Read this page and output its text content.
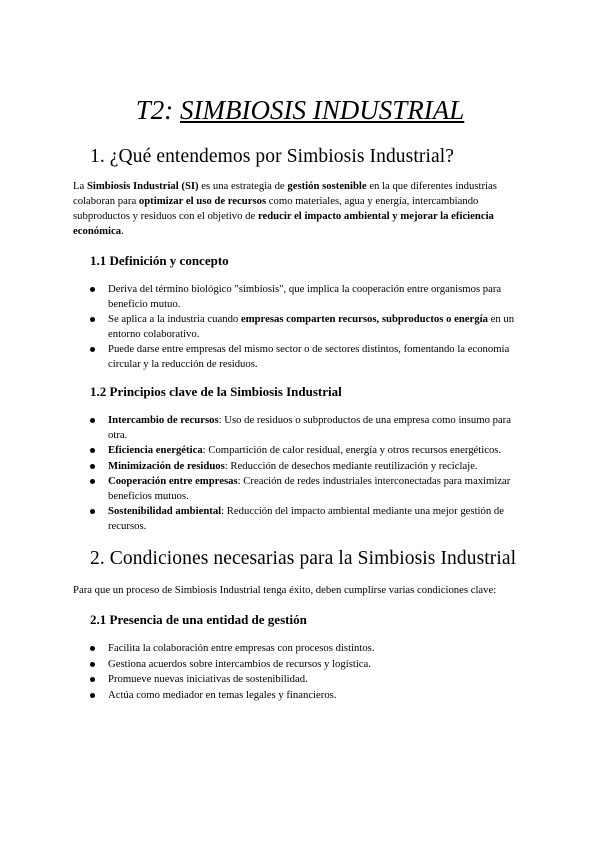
T2: SIMBIOSIS INDUSTRIAL
1. ¿Qué entendemos por Simbiosis Industrial?

La Simbiosis Industrial (SI) es una estrategia de gestión sostenible en la que diferentes industrias colaboran para optimizar el uso de recursos como materiales, agua y energía, intercambiando subproductos y residuos con el objetivo de reducir el impacto ambiental y mejorar la eficiencia económica.

1.1 Definición y concepto
Deriva del término biológico "simbiosis", que implica la cooperación entre organismos para beneficio mutuo.
Se aplica a la industria cuando empresas comparten recursos, subproductos o energía en un entorno colaborativo.
Puede darse entre empresas del mismo sector o de sectores distintos, fomentando la economía circular y la reducción de residuos.
1.2 Principios clave de la Simbiosis Industrial
Intercambio de recursos: Uso de residuos o subproductos de una empresa como insumo para otra.
Eficiencia energética: Compartición de calor residual, energía y otros recursos energéticos.
Minimización de residuos: Reducción de desechos mediante reutilización y reciclaje.
Cooperación entre empresas: Creación de redes industriales interconectadas para maximizar beneficios mutuos.
Sostenibilidad ambiental: Reducción del impacto ambiental mediante una mejor gestión de recursos.
2. Condiciones necesarias para la Simbiosis Industrial

Para que un proceso de Simbiosis Industrial tenga éxito, deben cumplirse varias condiciones clave:

2.1 Presencia de una entidad de gestión
Facilita la colaboración entre empresas con procesos distintos.
Gestiona acuerdos sobre intercambios de recursos y logística.
Promueve nuevas iniciativas de sostenibilidad.
Actúa como mediador en temas legales y financieros.
